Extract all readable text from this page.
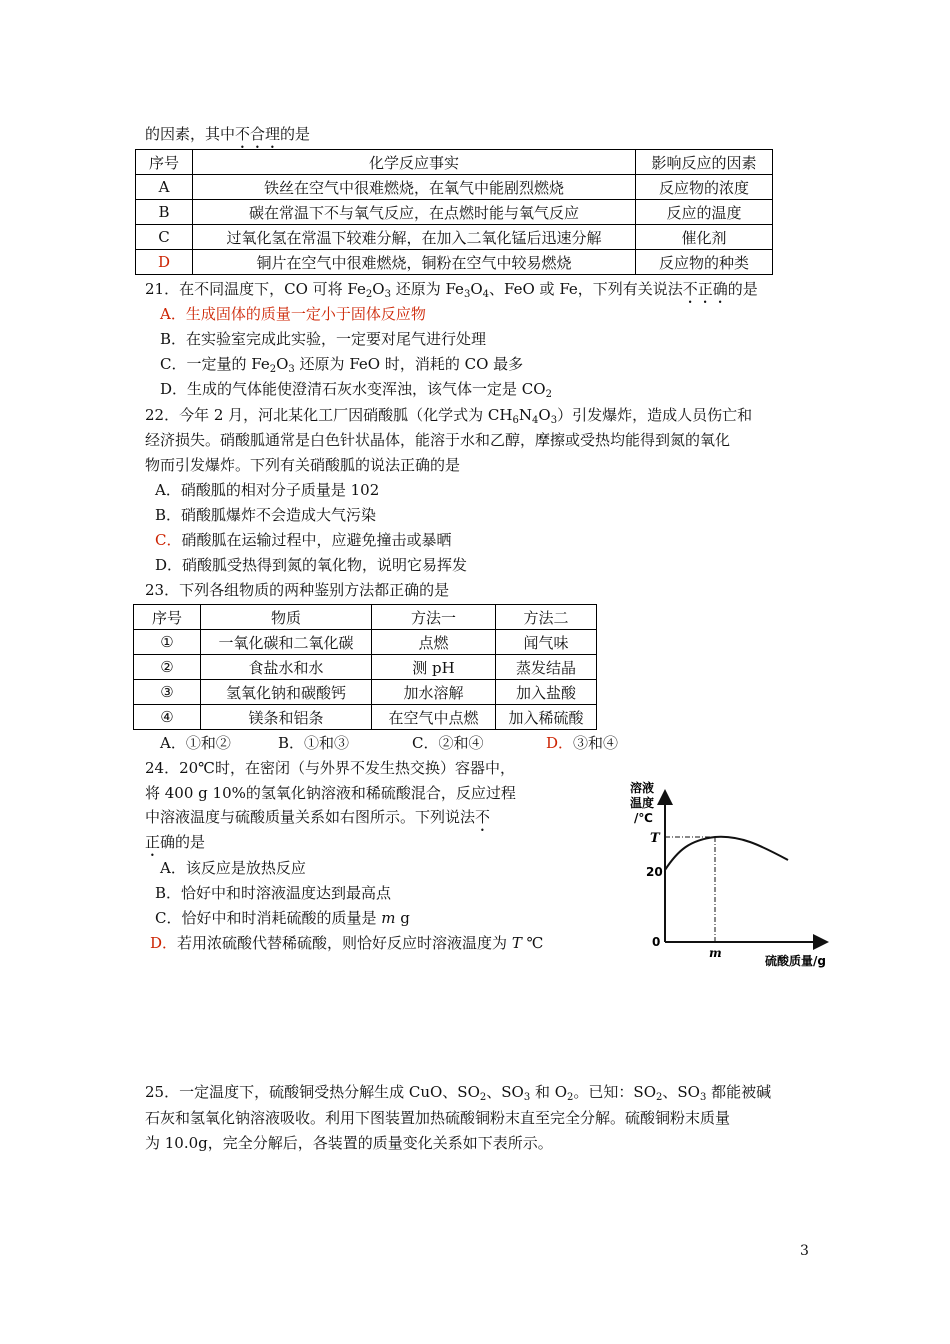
的因素，其中不合理的是
序号	化学反应事实	影响反应的因素
A	铁丝在空气中很难燃烧，在氧气中能剧烈燃烧	反应物的浓度
B	碳在常温下不与氧气反应，在点燃时能与氧气反应	反应的温度
C	过氧化氢在常温下较难分解，在加入二氧化锰后迅速分解	催化剂
D	铜片在空气中很难燃烧，铜粉在空气中较易燃烧	反应物的种类
21．在不同温度下，CO 可将 $Fe_2O_3$ 还原为 $Fe_3O_4$、FeO 或 Fe，下列有关说法不正确的是
A．生成固体的质量一定小于固体反应物
B．在实验室完成此实验，一定要对尾气进行处理
C．一定量的 $Fe_2O_3$ 还原为 FeO 时，消耗的 CO 最多
D．生成的气体能使澄清石灰水变浑浊，该气体一定是 $CO_2$
22．今年 2 月，河北某化工厂因硝酸胍（化学式为 $CH_6N_4O_3$）引发爆炸，造成人员伤亡和
经济损失。硝酸胍通常是白色针状晶体，能溶于水和乙醇，摩擦或受热均能得到氮的氧化
物而引发爆炸。下列有关硝酸胍的说法正确的是
A．硝酸胍的相对分子质量是 102
B．硝酸胍爆炸不会造成大气污染
C．硝酸胍在运输过程中，应避免撞击或暴晒
D．硝酸胍受热得到氮的氧化物，说明它易挥发
23．下列各组物质的两种鉴别方法都正确的是
序号	物质	方法一	方法二
①	一氧化碳和二氧化碳	点燃	闻气味
②	食盐水和水	测 pH	蒸发结晶
③	氢氧化钠和碳酸钙	加水溶解	加入盐酸
④	镁条和铝条	在空气中点燃	加入稀硫酸
A．①和②	B．①和③	C．②和④	D．③和④
24．20℃时，在密闭（与外界不发生热交换）容器中，
将 400 g 10%的氢氧化钠溶液和稀硫酸混合，反应过程
中溶液温度与硫酸质量关系如右图所示。下列说法不
正确的是
A．该反应是放热反应
B．恰好中和时溶液温度达到最高点
C．恰好中和时消耗硫酸的质量是 m g
D．若用浓硫酸代替稀硫酸，则恰好反应时溶液温度为 T ℃
溶液
温度
/℃
T
20
0
m
硫酸质量/g
25．一定温度下，硫酸铜受热分解生成 CuO、$SO_2$、$SO_3$ 和 $O_2$。已知：$SO_2$、$SO_3$ 都能被碱
石灰和氢氧化钠溶液吸收。利用下图装置加热硫酸铜粉末直至完全分解。硫酸铜粉末质量
为 10.0g，完全分解后，各装置的质量变化关系如下表所示。
3
